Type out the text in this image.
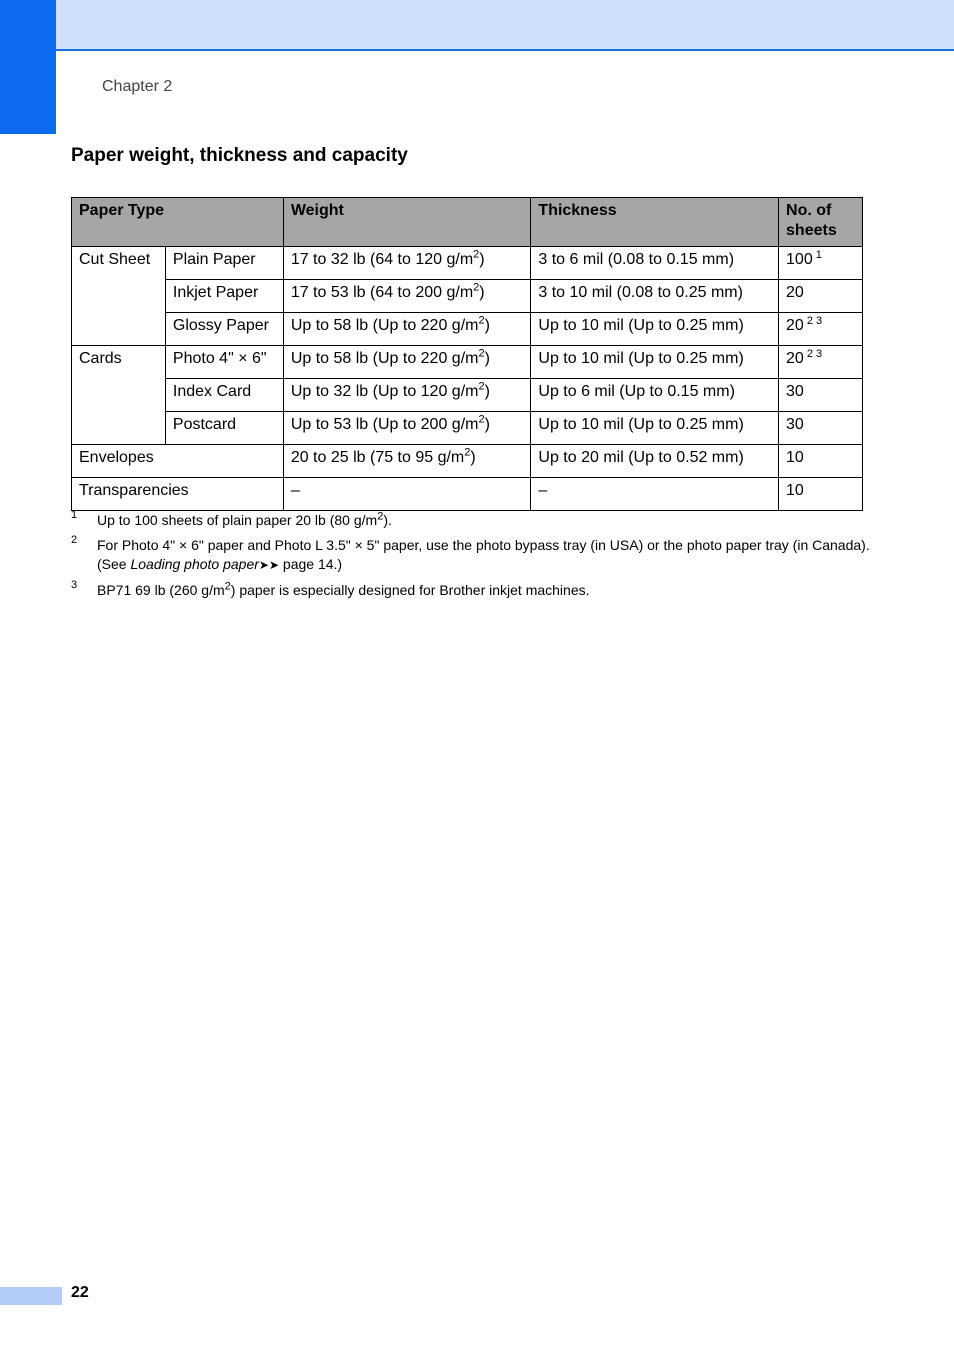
Chapter 2
Paper weight, thickness and capacity
Paper Type		Weight	Thickness	No. of
sheets
Cut Sheet	Plain Paper	17 to 32 lb (64 to 120 $g/m^2$)	3 to 6 mil (0.08 to 0.15 mm)	100 $^1$
	Inkjet Paper	17 to 53 lb (64 to 200 $g/m^2$)	3 to 10 mil (0.08 to 0.25 mm)	20
	Glossy Paper	Up to 58 lb (Up to 220 $g/m^2$)	Up to 10 mil (Up to 0.25 mm)	20 $^{2 3}$
Cards	Photo 4" × 6"	Up to 58 lb (Up to 220 $g/m^2$)	Up to 10 mil (Up to 0.25 mm)	20 $^{2 3}$
	Index Card	Up to 32 lb (Up to 120 $g/m^2$)	Up to 6 mil (Up to 0.15 mm)	30
	Postcard	Up to 53 lb (Up to 200 $g/m^2$)	Up to 10 mil (Up to 0.25 mm)	30
Envelopes		20 to 25 lb (75 to 95 $g/m^2$)	Up to 20 mil (Up to 0.52 mm)	10
Transparencies		–	–	10
1 Up to 100 sheets of plain paper 20 lb (80 $g/m^2$).
2 For Photo 4" × 6" paper and Photo L 3.5" × 5" paper, use the photo bypass tray (in USA) or the photo paper tray (in Canada). (See Loading photo paper➤➤ page 14.)
3 BP71 69 lb (260 $g/m^2$) paper is especially designed for Brother inkjet machines.
22
